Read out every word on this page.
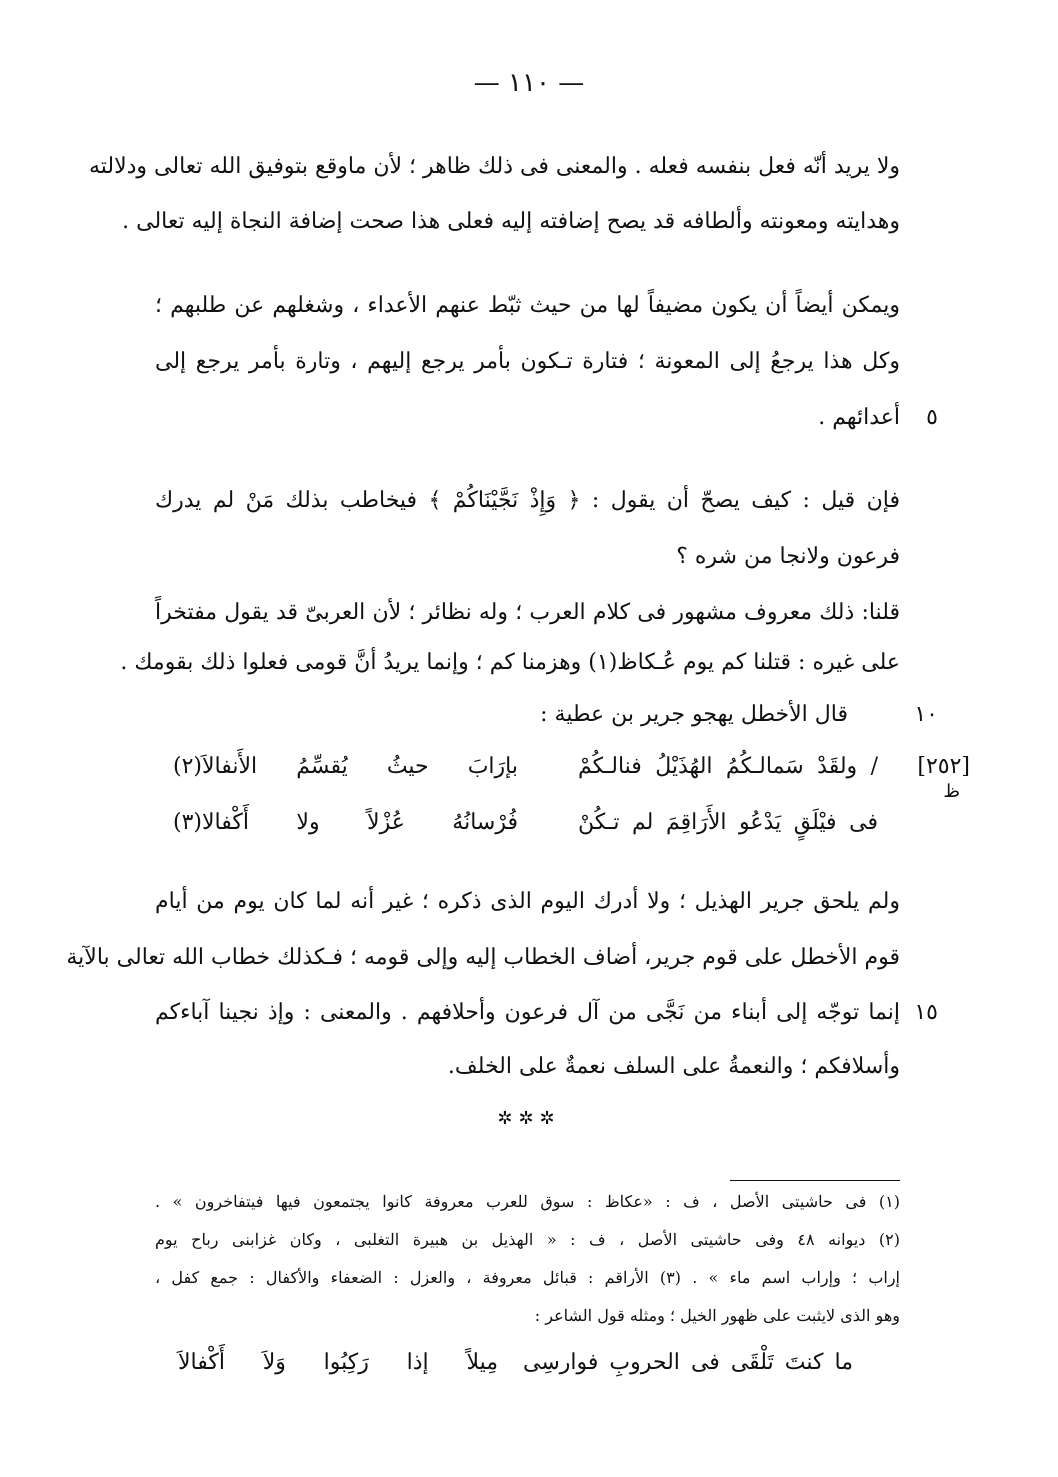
— ١١٠ —
ولا يريد أنّه فعل بنفسه فعله . والمعنى فى ذلك ظاهر ؛ لأن ماوقع بتوفيق الله تعالى ودلالته
وهدايته ومعونته وألطافه قد يصح إضافته إليه فعلى هذا صحت إضافة النجاة إليه تعالى .
ويمكن أيضاً أن يكون مضيفاً لها من حيث ثبّط عنهم الأعداء ، وشغلهم عن طلبهم ؛
وكل هذا يرجعُ إلى المعونة ؛ فتارة تـكون بأمر يرجع إليهم ، وتارة بأمر يرجع إلى
أعدائهم .	٥
فإن قيل : كيف يصحّ أن يقول : ﴿ وَإِذْ نَجَّيْنَاكُمْ ﴾ فيخاطب بذلك مَنْ لم يدرك
فرعون ولانجا من شره ؟
قلنا: ذلك معروف مشهور فى كلام العرب ؛ وله نظائر ؛ لأن العربىّ قد يقول مفتخراً
على غيره : قتلنا كم يوم عُـكاظ(١) وهزمنا كم ؛ وإنما يريدُ أنَّ قومى فعلوا ذلك بقومك .
قال الأخطل يهجو جرير بن عطية :	١٠
[٢٥٢]
ظ
/ ولقَدْ سَمالـكُمُ الهُذَيْلُ فنالـكُمْ
بإرَابَ حيثُ يُقسِّمُ الأَنفالاَ(٢)
فى فيْلَقٍ يَدْعُو الأَرَاقِمَ لم تـكُنْ
فُرْسانُهُ عُزْلاً ولا أَكْفالا(٣)
ولم يلحق جرير الهذيل ؛ ولا أدرك اليوم الذى ذكره ؛ غير أنه لما كان يوم من أيام
قوم الأخطل على قوم جرير، أضاف الخطاب إليه وإلى قومه ؛ فـكذلك خطاب الله تعالى بالآية
إنما توجّه إلى أبناء من نَجَّى من آل فرعون وأحلافهم . والمعنى : وإذ نجينا آباءكم ١٥
وأسلافكم ؛ والنعمةُ على السلف نعمةٌ على الخلف.
✲✲✲
(١) فى حاشيتى الأصل ، ف : «عكاظ : سوق للعرب معروفة كانوا يجتمعون فيها فيتفاخرون » .
(٢) ديوانه ٤٨ وفى حاشيتى الأصل ، ف : « الهذيل بن هبيرة التغلبى ، وكان غزابنى رباح يوم
إراب ؛ وإراب اسم ماء » . (٣) الأراقم : قبائل معروفة ، والعزل : الضعفاء والأكفال : جمع كفل ،
وهو الذى لايثبت على ظهور الخيل ؛ ومثله قول الشاعر :
ما كنتَ تَلْقَى فى الحروبِ فوارسِى
مِيلاً إذا رَكِبُوا وَلاَ أَكْفالاَ
